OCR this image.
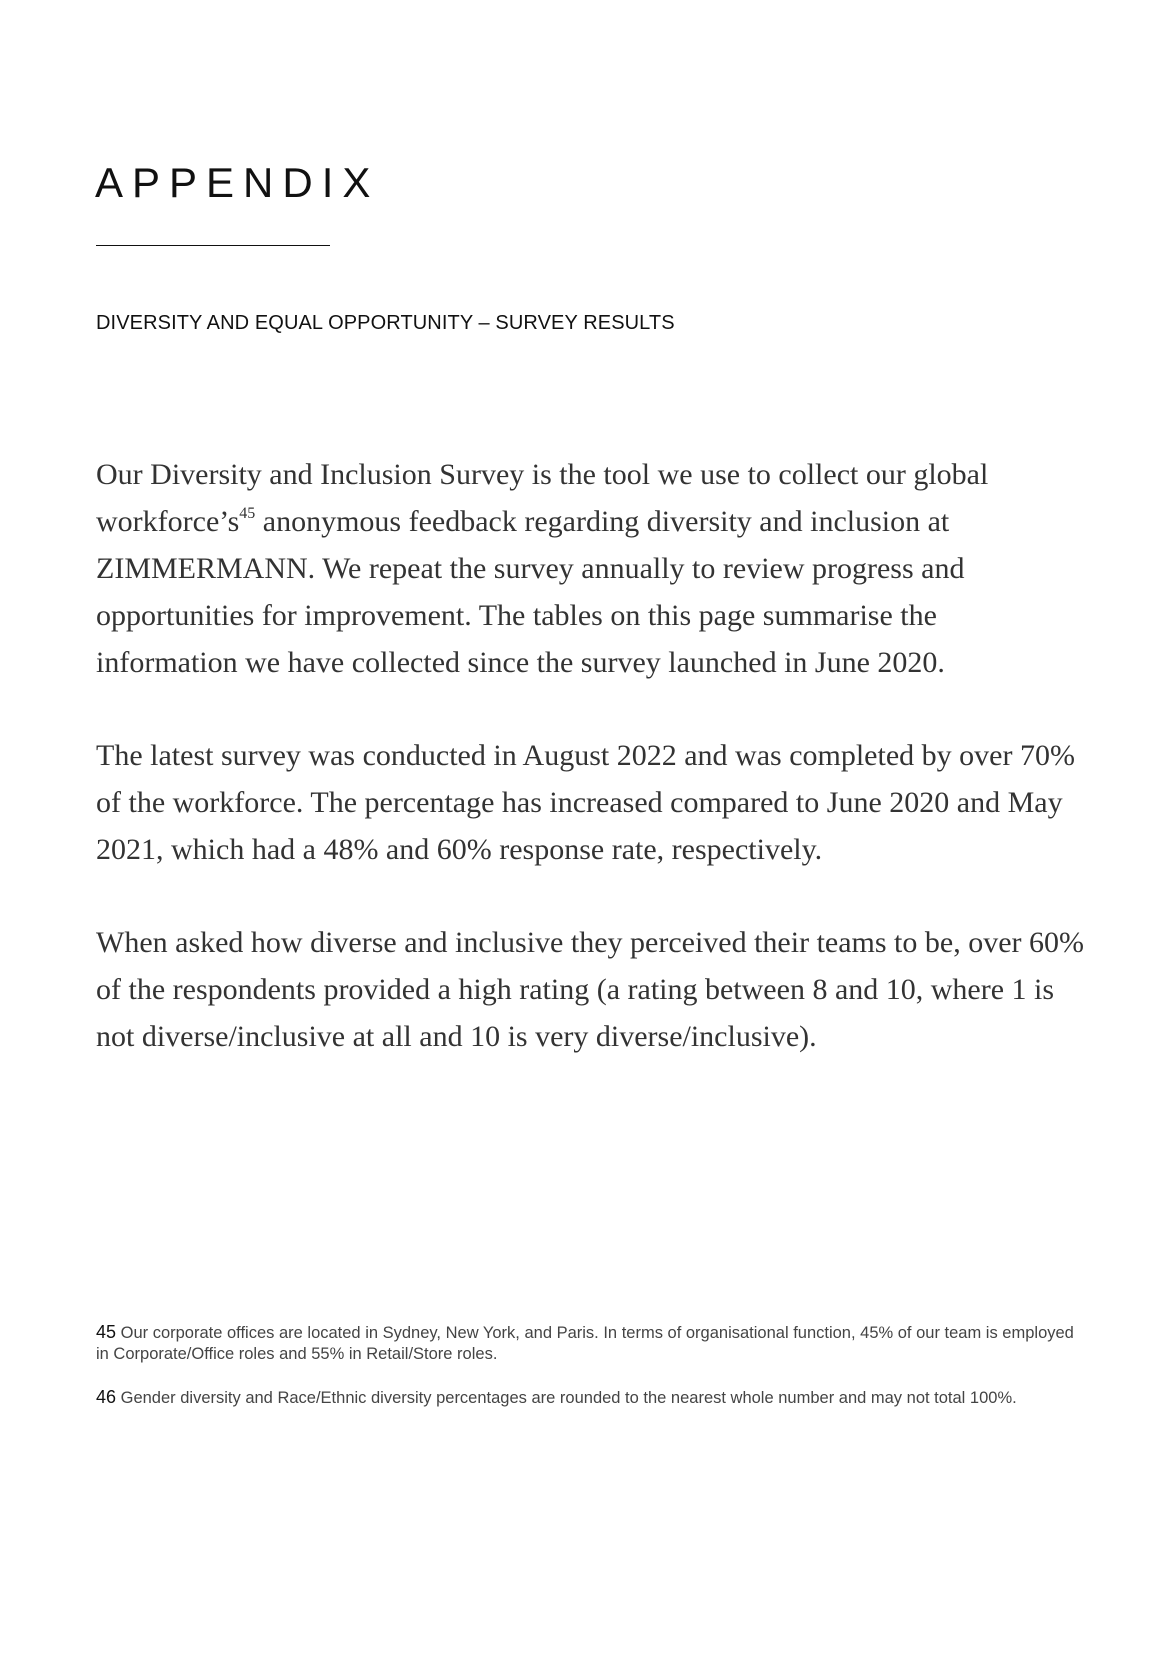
APPENDIX
DIVERSITY AND EQUAL OPPORTUNITY – SURVEY RESULTS

Our Diversity and Inclusion Survey is the tool we use to collect our global $workforce’s^{45}$ anonymous feedback regarding diversity and inclusion at ZIMMERMANN. We repeat the survey annually to review progress and opportunities for improvement. The tables on this page summarise the information we have collected since the survey launched in June 2020.

The latest survey was conducted in August 2022 and was completed by over 70% of the workforce. The percentage has increased compared to June 2020 and May 2021, which had a 48% and 60% response rate, respectively.

When asked how diverse and inclusive they perceived their teams to be, over 60% of the respondents provided a high rating (a rating between 8 and 10, where 1 is not diverse/inclusive at all and 10 is very diverse/inclusive).

45 Our corporate offices are located in Sydney, New York, and Paris. In terms of organisational function, 45% of our team is employed in Corporate/Office roles and 55% in Retail/Store roles.

46 Gender diversity and Race/Ethnic diversity percentages are rounded to the nearest whole number and may not total 100%.
